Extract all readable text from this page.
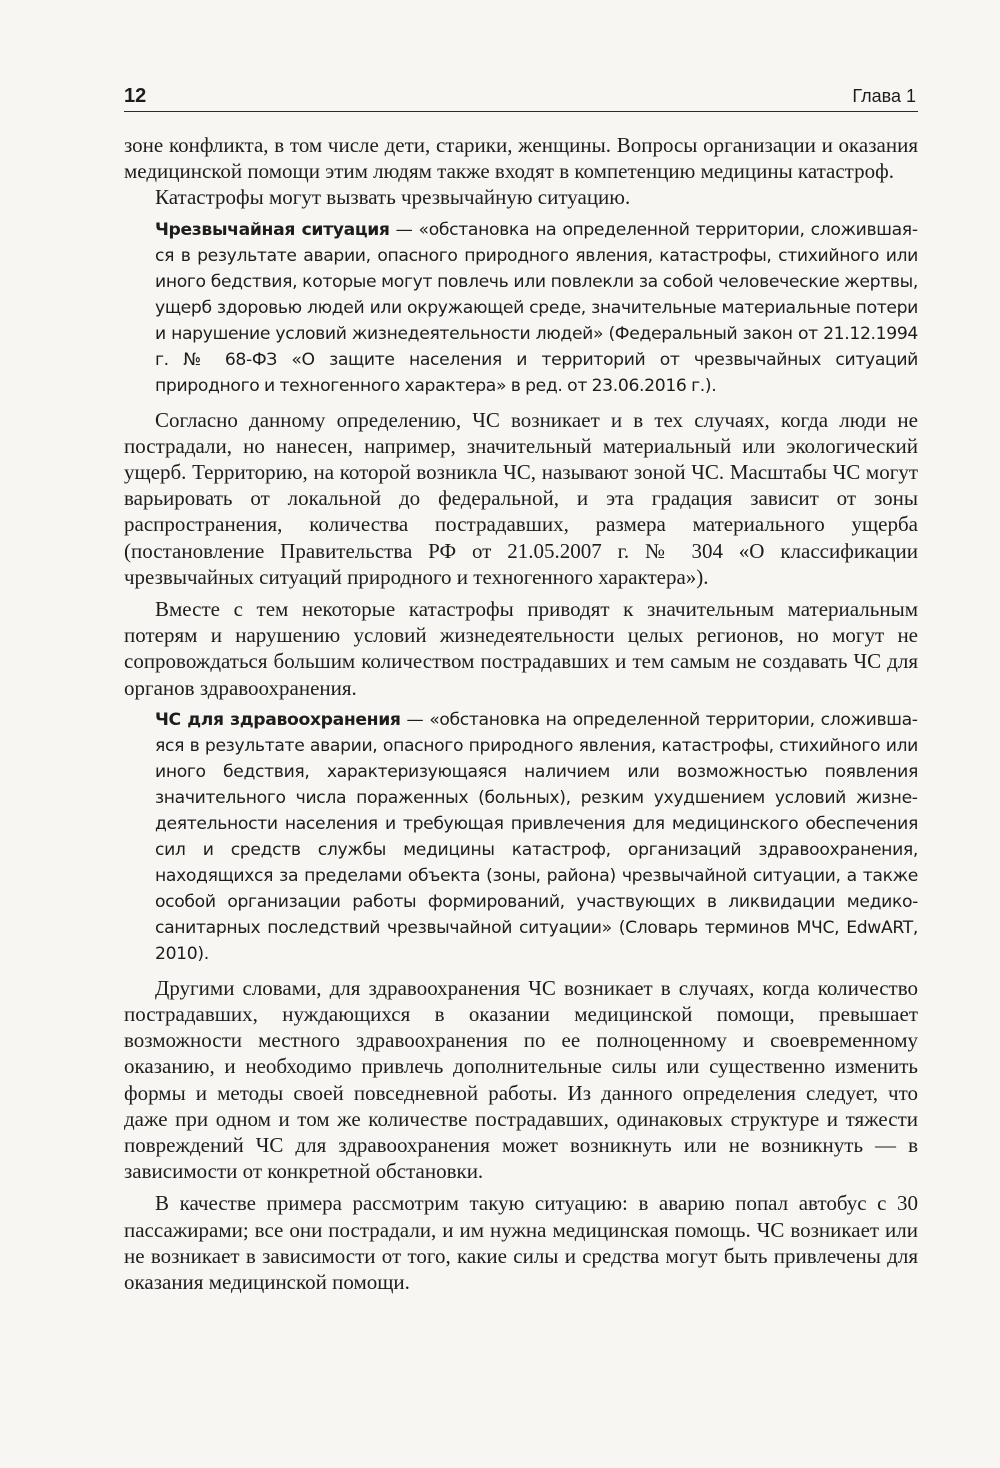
12	Глава 1

зоне конфликта, в том числе дети, старики, женщины. Вопросы организации и оказания медицинской помощи этим людям также входят в компетенцию медицины катастроф.

Катастрофы могут вызвать чрезвычайную ситуацию.

Чрезвычайная ситуация — «обстановка на определенной территории, сложившаяся в результате аварии, опасного природного явления, катастрофы, стихийного или иного бедствия, которые могут повлечь или повлекли за собой человеческие жертвы, ущерб здоровью людей или окружающей среде, значительные материальные потери и нарушение условий жизнедеятельности людей» (Федеральный закон от 21.12.1994 г. № 68-ФЗ «О защите населения и территорий от чрезвычайных ситуаций природного и техногенного характера» в ред. от 23.06.2016 г.).

Согласно данному определению, ЧС возникает и в тех случаях, когда люди не пострадали, но нанесен, например, значительный материальный или экологический ущерб. Территорию, на которой возникла ЧС, называют зоной ЧС. Масштабы ЧС могут варьировать от локальной до федеральной, и эта градация зависит от зоны распространения, количества пострадавших, размера материального ущерба (постановление Правительства РФ от 21.05.2007 г. № 304 «О классификации чрезвычайных ситуаций природного и техногенного характера»).

Вместе с тем некоторые катастрофы приводят к значительным материальным потерям и нарушению условий жизнедеятельности целых регионов, но могут не сопровождаться большим количеством пострадавших и тем самым не создавать ЧС для органов здравоохранения.

ЧС для здравоохранения — «обстановка на определенной территории, сложившаяся в результате аварии, опасного природного явления, катастрофы, стихийного или иного бедствия, характеризующаяся наличием или возможностью появления значительного числа пораженных (больных), резким ухудшением условий жизнедеятельности населения и требующая привлечения для медицинского обеспечения сил и средств службы медицины катастроф, организаций здравоохранения, находящихся за пределами объекта (зоны, района) чрезвычайной ситуации, а также особой организации работы формирований, участвующих в ликвидации медико-санитарных последствий чрезвычайной ситуации» (Словарь терминов МЧС, EdwART, 2010).

Другими словами, для здравоохранения ЧС возникает в случаях, когда количество пострадавших, нуждающихся в оказании медицинской помощи, превышает возможности местного здравоохранения по ее полноценному и своевременному оказанию, и необходимо привлечь дополнительные силы или существенно изменить формы и методы своей повседневной работы. Из данного определения следует, что даже при одном и том же количестве пострадавших, одинаковых структуре и тяжести повреждений ЧС для здравоохранения может возникнуть или не возникнуть — в зависимости от конкретной обстановки.

В качестве примера рассмотрим такую ситуацию: в аварию попал автобус с 30 пассажирами; все они пострадали, и им нужна медицинская помощь. ЧС возникает или не возникает в зависимости от того, какие силы и средства могут быть привлечены для оказания медицинской помощи.
